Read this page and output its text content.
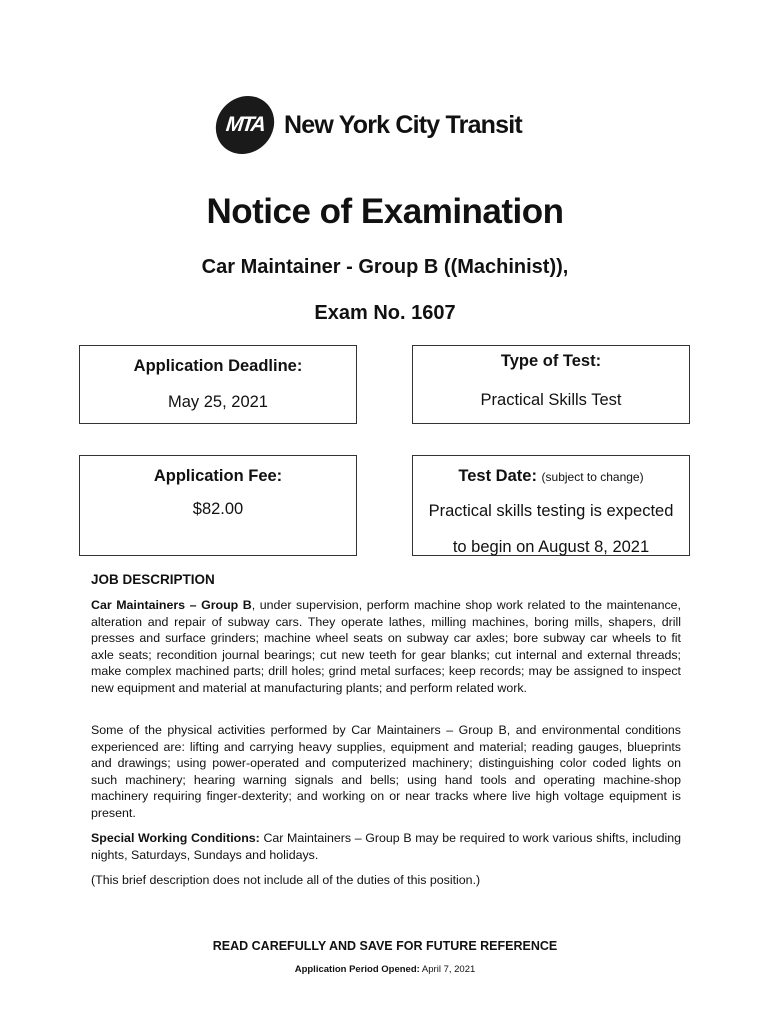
MTA New York City Transit
Notice of Examination
Car Maintainer - Group B ((Machinist)),
Exam No. 1607
Application Deadline:
May 25, 2021
Type of Test:
Practical Skills Test
Application Fee:
$82.00
Test Date: (subject to change)
Practical skills testing is expected
to begin on August 8, 2021
JOB DESCRIPTION
Car Maintainers – Group B, under supervision, perform machine shop work related to the maintenance, alteration and repair of subway cars. They operate lathes, milling machines, boring mills, shapers, drill presses and surface grinders; machine wheel seats on subway car axles; bore subway car wheels to fit axle seats; recondition journal bearings; cut new teeth for gear blanks; cut internal and external threads; make complex machined parts; drill holes; grind metal surfaces; keep records; may be assigned to inspect new equipment and material at manufacturing plants; and perform related work.
Some of the physical activities performed by Car Maintainers – Group B, and environmental conditions experienced are: lifting and carrying heavy supplies, equipment and material; reading gauges, blueprints and drawings; using power-operated and computerized machinery; distinguishing color coded lights on such machinery; hearing warning signals and bells; using hand tools and operating machine-shop machinery requiring finger-dexterity; and working on or near tracks where live high voltage equipment is present.
Special Working Conditions: Car Maintainers – Group B may be required to work various shifts, including nights, Saturdays, Sundays and holidays.
(This brief description does not include all of the duties of this position.)
READ CAREFULLY AND SAVE FOR FUTURE REFERENCE
Application Period Opened: April 7, 2021
